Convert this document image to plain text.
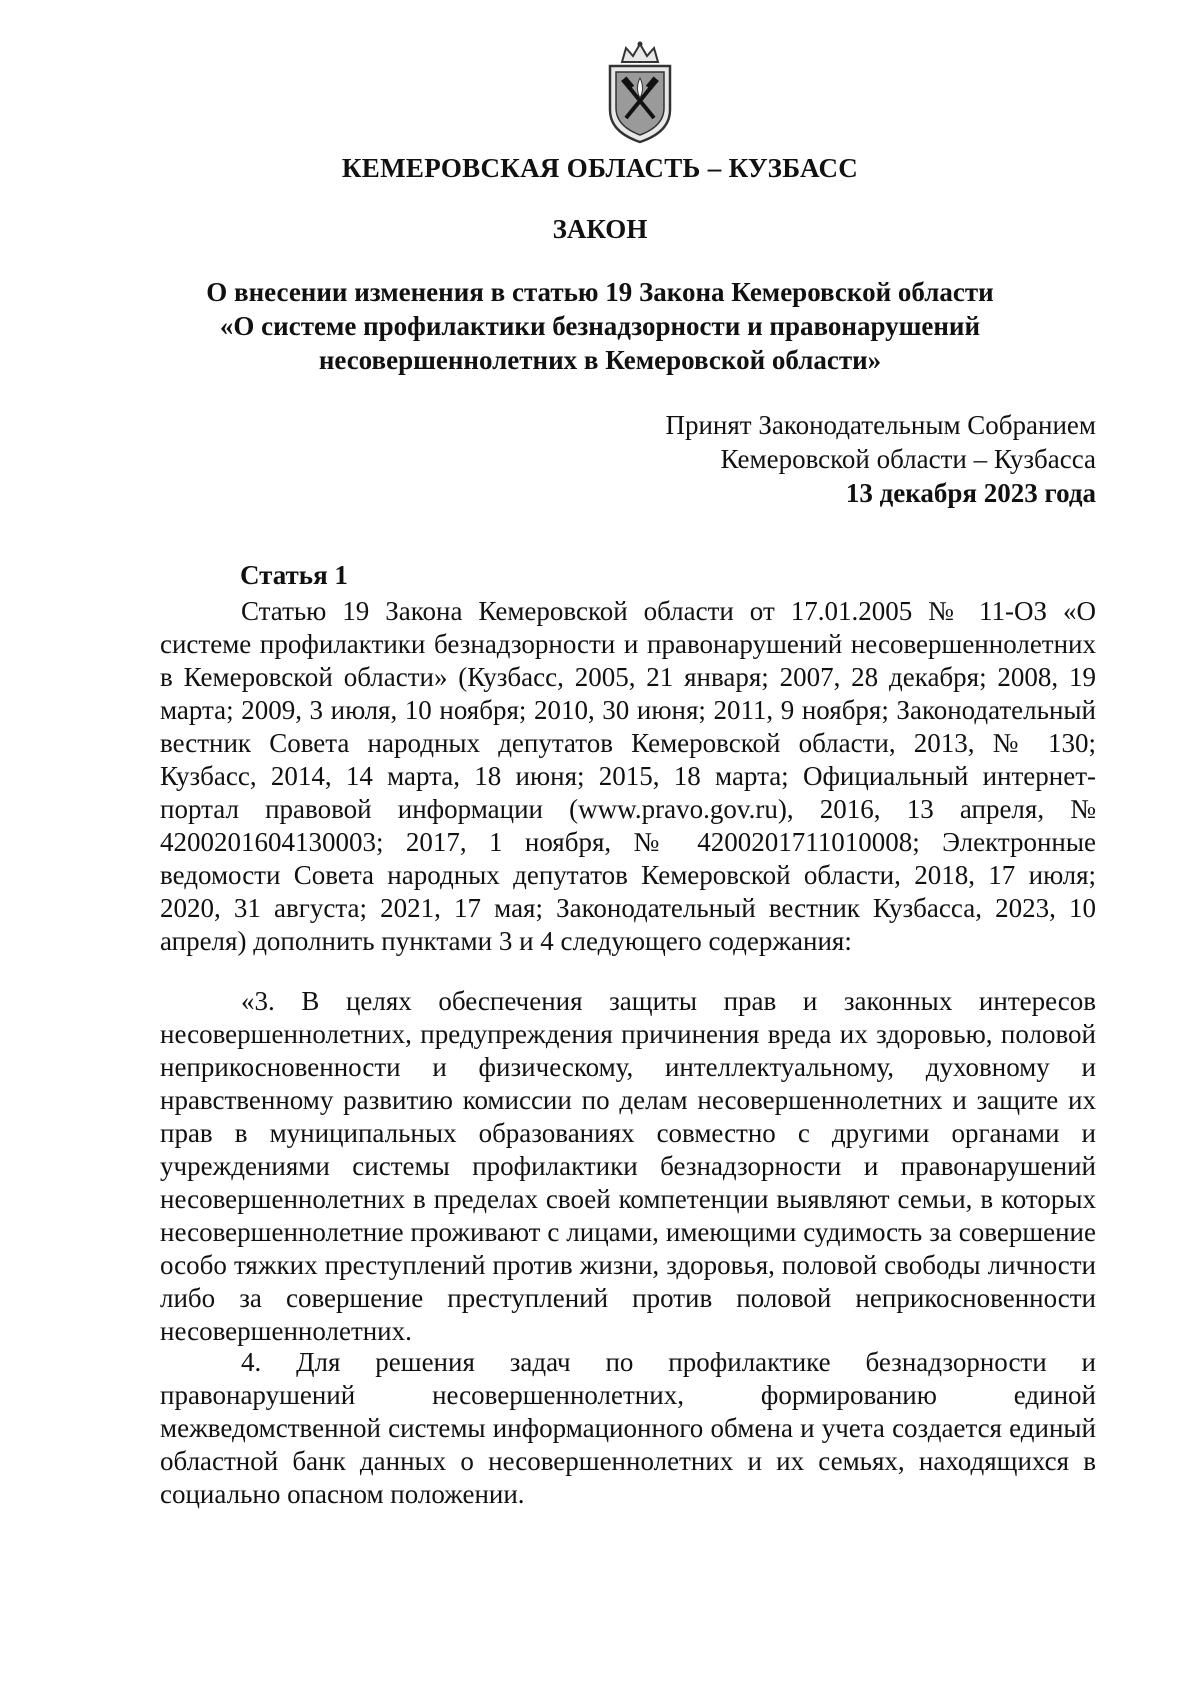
КЕМЕРОВСКАЯ ОБЛАСТЬ – КУЗБАСС
ЗАКОН
О внесении изменения в статью 19 Закона Кемеровской области
«О системе профилактики безнадзорности и правонарушений
несовершеннолетних в Кемеровской области»
Принят Законодательным Собранием
Кемеровской области – Кузбасса
13 декабря 2023 года
Статья 1

Статью 19 Закона Кемеровской области от 17.01.2005 № 11-ОЗ «О системе профилактики безнадзорности и правонарушений несовершеннолетних в Кемеровской области» (Кузбасс, 2005, 21 января; 2007, 28 декабря; 2008, 19 марта; 2009, 3 июля, 10 ноября; 2010, 30 июня; 2011, 9 ноября; Законодательный вестник Совета народных депутатов Кемеровской области, 2013, № 130; Кузбасс, 2014, 14 марта, 18 июня; 2015, 18 марта; Официальный интернет-портал правовой информации (www.pravo.gov.ru), 2016, 13 апреля, № 4200201604130003; 2017, 1 ноября, № 4200201711010008; Электронные ведомости Совета народных депутатов Кемеровской области, 2018, 17 июля; 2020, 31 августа; 2021, 17 мая; Законодательный вестник Кузбасса, 2023, 10 апреля) дополнить пунктами 3 и 4 следующего содержания:

«3. В целях обеспечения защиты прав и законных интересов несовершеннолетних, предупреждения причинения вреда их здоровью, половой неприкосновенности и физическому, интеллектуальному, духовному и нравственному развитию комиссии по делам несовершеннолетних и защите их прав в муниципальных образованиях совместно с другими органами и учреждениями системы профилактики безнадзорности и правонарушений несовершеннолетних в пределах своей компетенции выявляют семьи, в которых несовершеннолетние проживают с лицами, имеющими судимость за совершение особо тяжких преступлений против жизни, здоровья, половой свободы личности либо за совершение преступлений против половой неприкосновенности несовершеннолетних.

4. Для решения задач по профилактике безнадзорности и правонарушений несовершеннолетних, формированию единой межведомственной системы информационного обмена и учета создается единый областной банк данных о несовершеннолетних и их семьях, находящихся в социально опасном положении.
